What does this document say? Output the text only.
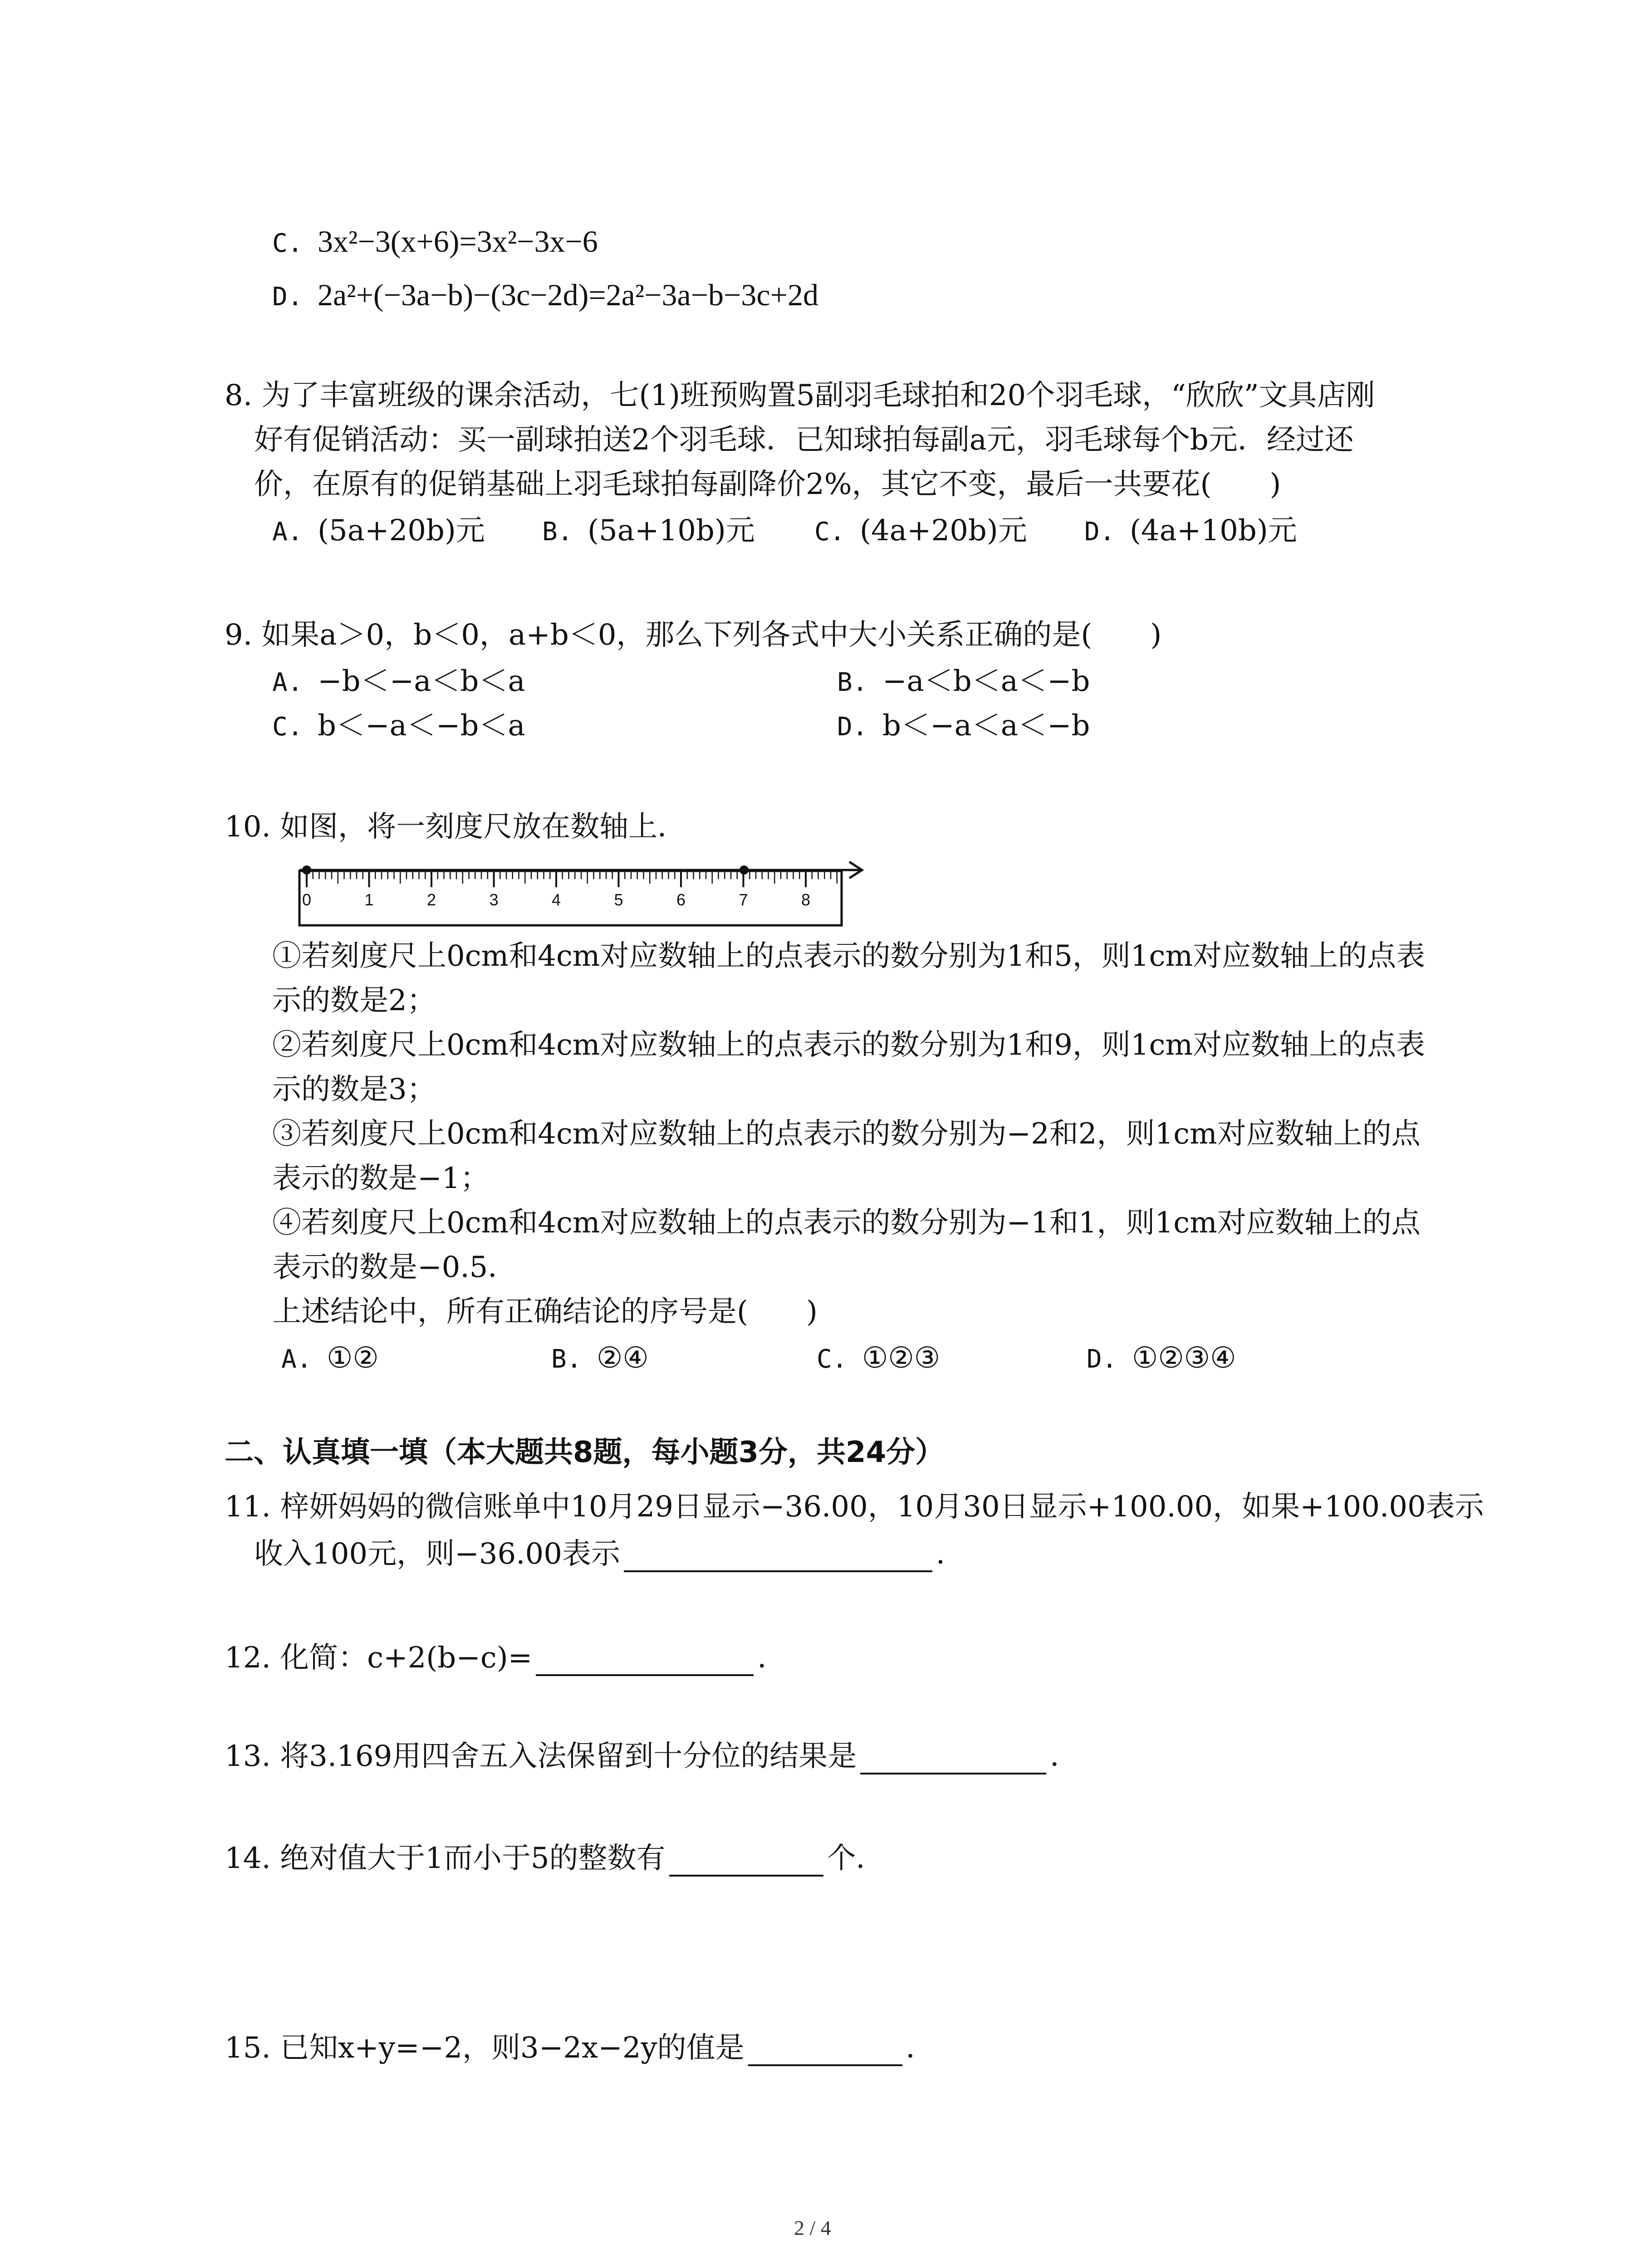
C. 3x²−3(x+6)=3x²−3x−6
D. 2a²+(−3a−b)−(3c−2d)=2a²−3a−b−3c+2d
8. 为了丰富班级的课余活动，七(1)班预购置5副羽毛球拍和20个羽毛球，“欣欣”文具店刚
好有促销活动：买一副球拍送2个羽毛球．已知球拍每副a元，羽毛球每个b元．经过还
价，在原有的促销基础上羽毛球拍每副降价2%，其它不变，最后一共要花(　　)
A. (5a+20b)元 B. (5a+10b)元 C. (4a+20b)元 D. (4a+10b)元
9. 如果a＞0，b＜0，a+b＜0，那么下列各式中大小关系正确的是(　　)
A. −b＜−a＜b＜a	B. −a＜b＜a＜−b
C. b＜−a＜−b＜a	D. b＜−a＜a＜−b
10. 如图，将一刻度尺放在数轴上．
0	1	2	3	4	5	6	7	8
①若刻度尺上0cm和4cm对应数轴上的点表示的数分别为1和5，则1cm对应数轴上的点表
示的数是2；
②若刻度尺上0cm和4cm对应数轴上的点表示的数分别为1和9，则1cm对应数轴上的点表
示的数是3；
③若刻度尺上0cm和4cm对应数轴上的点表示的数分别为−2和2，则1cm对应数轴上的点
表示的数是−1；
④若刻度尺上0cm和4cm对应数轴上的点表示的数分别为−1和1，则1cm对应数轴上的点
表示的数是−0.5．
上述结论中，所有正确结论的序号是(　　)
A. ①②	B. ②④	C. ①②③	D. ①②③④
二、认真填一填（本大题共8题，每小题3分，共24分）
11. 梓妍妈妈的微信账单中10月29日显示−36.00，10月30日显示+100.00，如果+100.00表示
收入100元，则−36.00表示	．
12. 化简：c+2(b−c)=	．
13. 将3.169用四舍五入法保留到十分位的结果是	．
14. 绝对值大于1而小于5的整数有	个．
15. 已知x+y=−2，则3−2x−2y的值是	．
2 / 4
